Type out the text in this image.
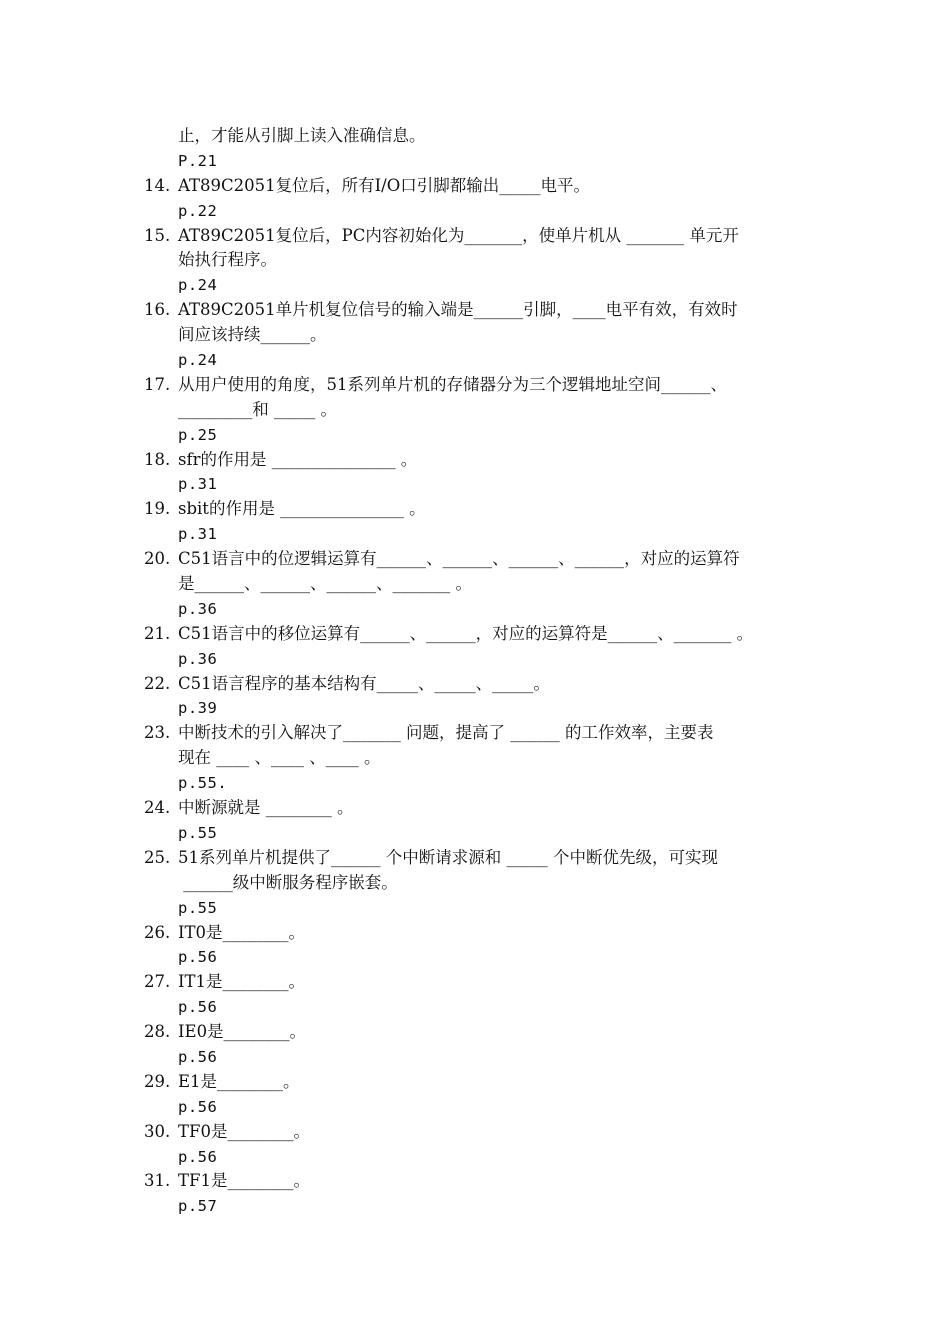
止，才能从引脚上读入准确信息。
P.21
14. AT89C2051复位后，所有I/O口引脚都输出_____电平。
p.22
15. AT89C2051复位后，PC内容初始化为_______，使单片机从 _______ 单元开
始执行程序。
p.24
16. AT89C2051单片机复位信号的输入端是______引脚，____电平有效，有效时
间应该持续______。
p.24
17. 从用户使用的角度，51系列单片机的存储器分为三个逻辑地址空间______、
_________和 _____ 。
p.25
18. sfr的作用是 _______________ 。
p.31
19. sbit的作用是 _______________ 。
p.31
20. C51语言中的位逻辑运算有______、______、______、______，对应的运算符
是______、______、______、_______ 。
p.36
21. C51语言中的移位运算有______、______，对应的运算符是______、_______ 。
p.36
22. C51语言程序的基本结构有_____、_____、_____。
p.39
23. 中断技术的引入解决了_______ 问题，提高了 ______ 的工作效率，主要表
现在 ____ 、____ 、____ 。
p.55.
24. 中断源就是 ________ 。
p.55
25. 51系列单片机提供了______ 个中断请求源和 _____ 个中断优先级，可实现
______级中断服务程序嵌套。
p.55
26. IT0是________。
p.56
27. IT1是________。
p.56
28. IE0是________。
p.56
29. E1是________。
p.56
30. TF0是________。
p.56
31. TF1是________。
p.57
